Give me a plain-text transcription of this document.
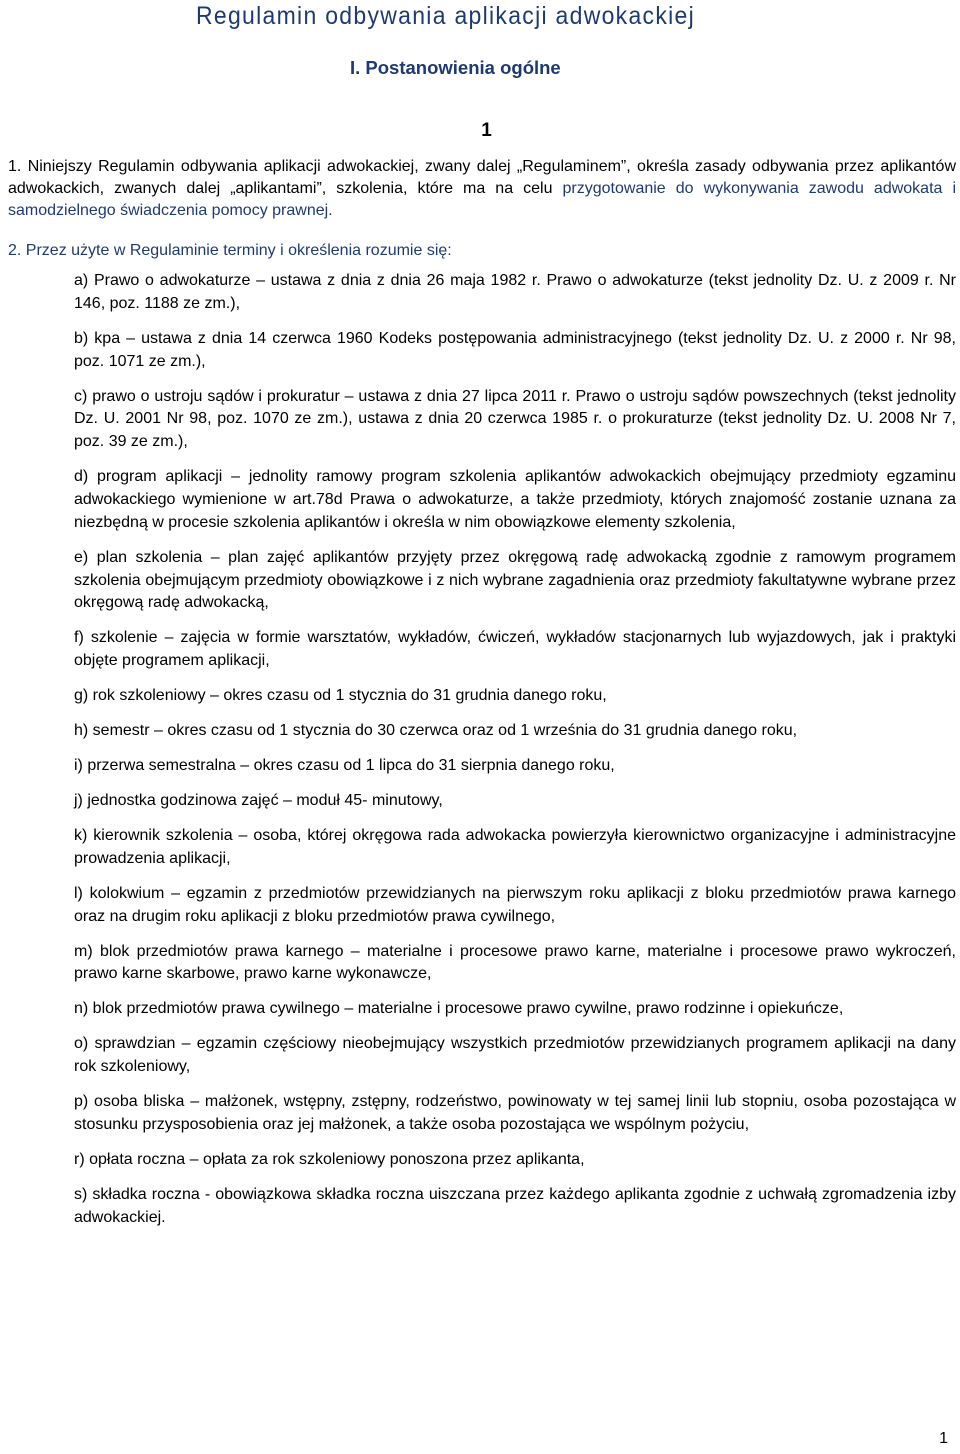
Regulamin odbywania aplikacji adwokackiej
I. Postanowienia ogólne
1
1. Niniejszy Regulamin odbywania aplikacji adwokackiej, zwany dalej „Regulaminem”, określa zasady odbywania przez aplikantów adwokackich, zwanych dalej „aplikantami”, szkolenia, które ma na celu przygotowanie do wykonywania zawodu adwokata i samodzielnego świadczenia pomocy prawnej.
2. Przez użyte w Regulaminie terminy i określenia rozumie się:

a) Prawo o adwokaturze – ustawa z dnia z dnia 26 maja 1982 r. Prawo o adwokaturze (tekst jednolity Dz. U. z 2009 r. Nr 146, poz. 1188 ze zm.),

b) kpa – ustawa z dnia 14 czerwca 1960 Kodeks postępowania administracyjnego (tekst jednolity Dz. U. z 2000 r. Nr 98, poz. 1071 ze zm.),

c) prawo o ustroju sądów i prokuratur – ustawa z dnia 27 lipca 2011 r. Prawo o ustroju sądów powszechnych (tekst jednolity Dz. U. 2001 Nr 98, poz. 1070 ze zm.), ustawa z dnia 20 czerwca 1985 r. o prokuraturze (tekst jednolity Dz. U. 2008 Nr 7, poz. 39 ze zm.),

d) program aplikacji – jednolity ramowy program szkolenia aplikantów adwokackich obejmujący przedmioty egzaminu adwokackiego wymienione w art.78d Prawa o adwokaturze, a także przedmioty, których znajomość zostanie uznana za niezbędną w procesie szkolenia aplikantów i określa w nim obowiązkowe elementy szkolenia,

e) plan szkolenia – plan zajęć aplikantów przyjęty przez okręgową radę adwokacką zgodnie z ramowym programem szkolenia obejmującym przedmioty obowiązkowe i z nich wybrane zagadnienia oraz przedmioty fakultatywne wybrane przez okręgową radę adwokacką,

f) szkolenie – zajęcia w formie warsztatów, wykładów, ćwiczeń, wykładów stacjonarnych lub wyjazdowych, jak i praktyki objęte programem aplikacji,

g) rok szkoleniowy – okres czasu od 1 stycznia do 31 grudnia danego roku,

h) semestr – okres czasu od 1 stycznia do 30 czerwca oraz od 1 września do 31 grudnia danego roku,

i) przerwa semestralna – okres czasu od 1 lipca do 31 sierpnia danego roku,

j) jednostka godzinowa zajęć – moduł 45- minutowy,

k) kierownik szkolenia – osoba, której okręgowa rada adwokacka powierzyła kierownictwo organizacyjne i administracyjne prowadzenia aplikacji,

l) kolokwium – egzamin z przedmiotów przewidzianych na pierwszym roku aplikacji z bloku przedmiotów prawa karnego oraz na drugim roku aplikacji z bloku przedmiotów prawa cywilnego,

m) blok przedmiotów prawa karnego – materialne i procesowe prawo karne, materialne i procesowe prawo wykroczeń, prawo karne skarbowe, prawo karne wykonawcze,

n) blok przedmiotów prawa cywilnego – materialne i procesowe prawo cywilne, prawo rodzinne i opiekuńcze,

o) sprawdzian – egzamin częściowy nieobejmujący wszystkich przedmiotów przewidzianych programem aplikacji na dany rok szkoleniowy,

p) osoba bliska – małżonek, wstępny, zstępny, rodzeństwo, powinowaty w tej samej linii lub stopniu, osoba pozostająca w stosunku przysposobienia oraz jej małżonek, a także osoba pozostająca we wspólnym pożyciu,

r) opłata roczna – opłata za rok szkoleniowy ponoszona przez aplikanta,

s) składka roczna - obowiązkowa składka roczna uiszczana przez każdego aplikanta zgodnie z uchwałą zgromadzenia izby adwokackiej.

1
